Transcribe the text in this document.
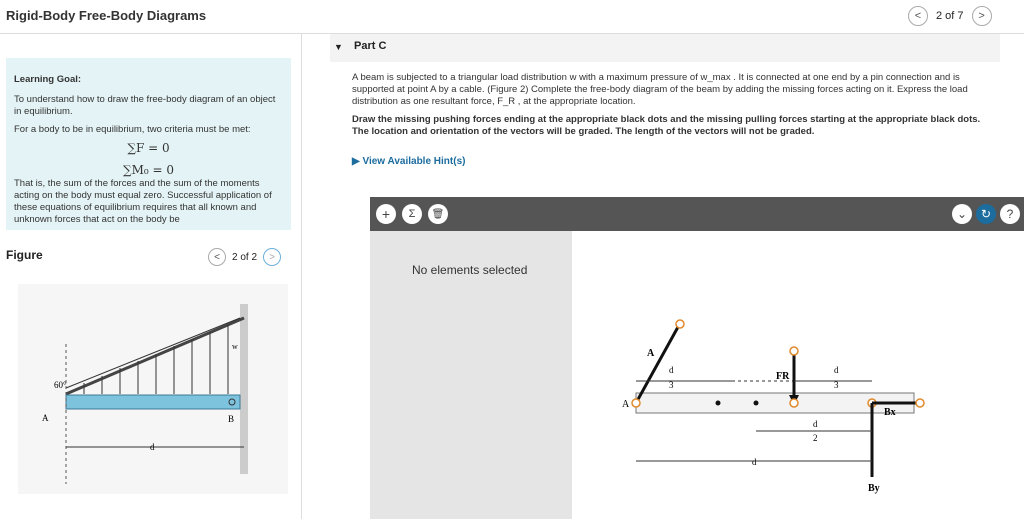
Rigid-Body Free-Body Diagrams	<	2 of 7	>
Learning Goal:

To understand how to draw the free-body diagram of an object in equilibrium.

For a body to be in equilibrium, two criteria must be met:

∑F = 0
∑M₀ = 0

That is, the sum of the forces and the sum of the moments acting on the body must equal zero. Successful application of these equations of equilibrium requires that all known and unknown forces that act on the body be

Figure	<	2 of 2	>
60°
w
A	B
d
▼ Part C
A beam is subjected to a triangular load distribution w with a maximum pressure of w_max . It is connected at one end by a pin connection and is supported at point A by a cable. (Figure 2) Complete the free-body diagram of the beam by adding the missing forces acting on it. Express the load distribution as one resultant force, F_R , at the appropriate location.
Draw the missing pushing forces ending at the appropriate black dots and the missing pulling forces starting at the appropriate black dots. The location and orientation of the vectors will be graded. The length of the vectors will not be graded.
▶ View Available Hint(s)
+	Σ	🗑	⌄	↻	?
No elements selected
A
A
d
3
FR
d
3
Bx
By
d
d
2
